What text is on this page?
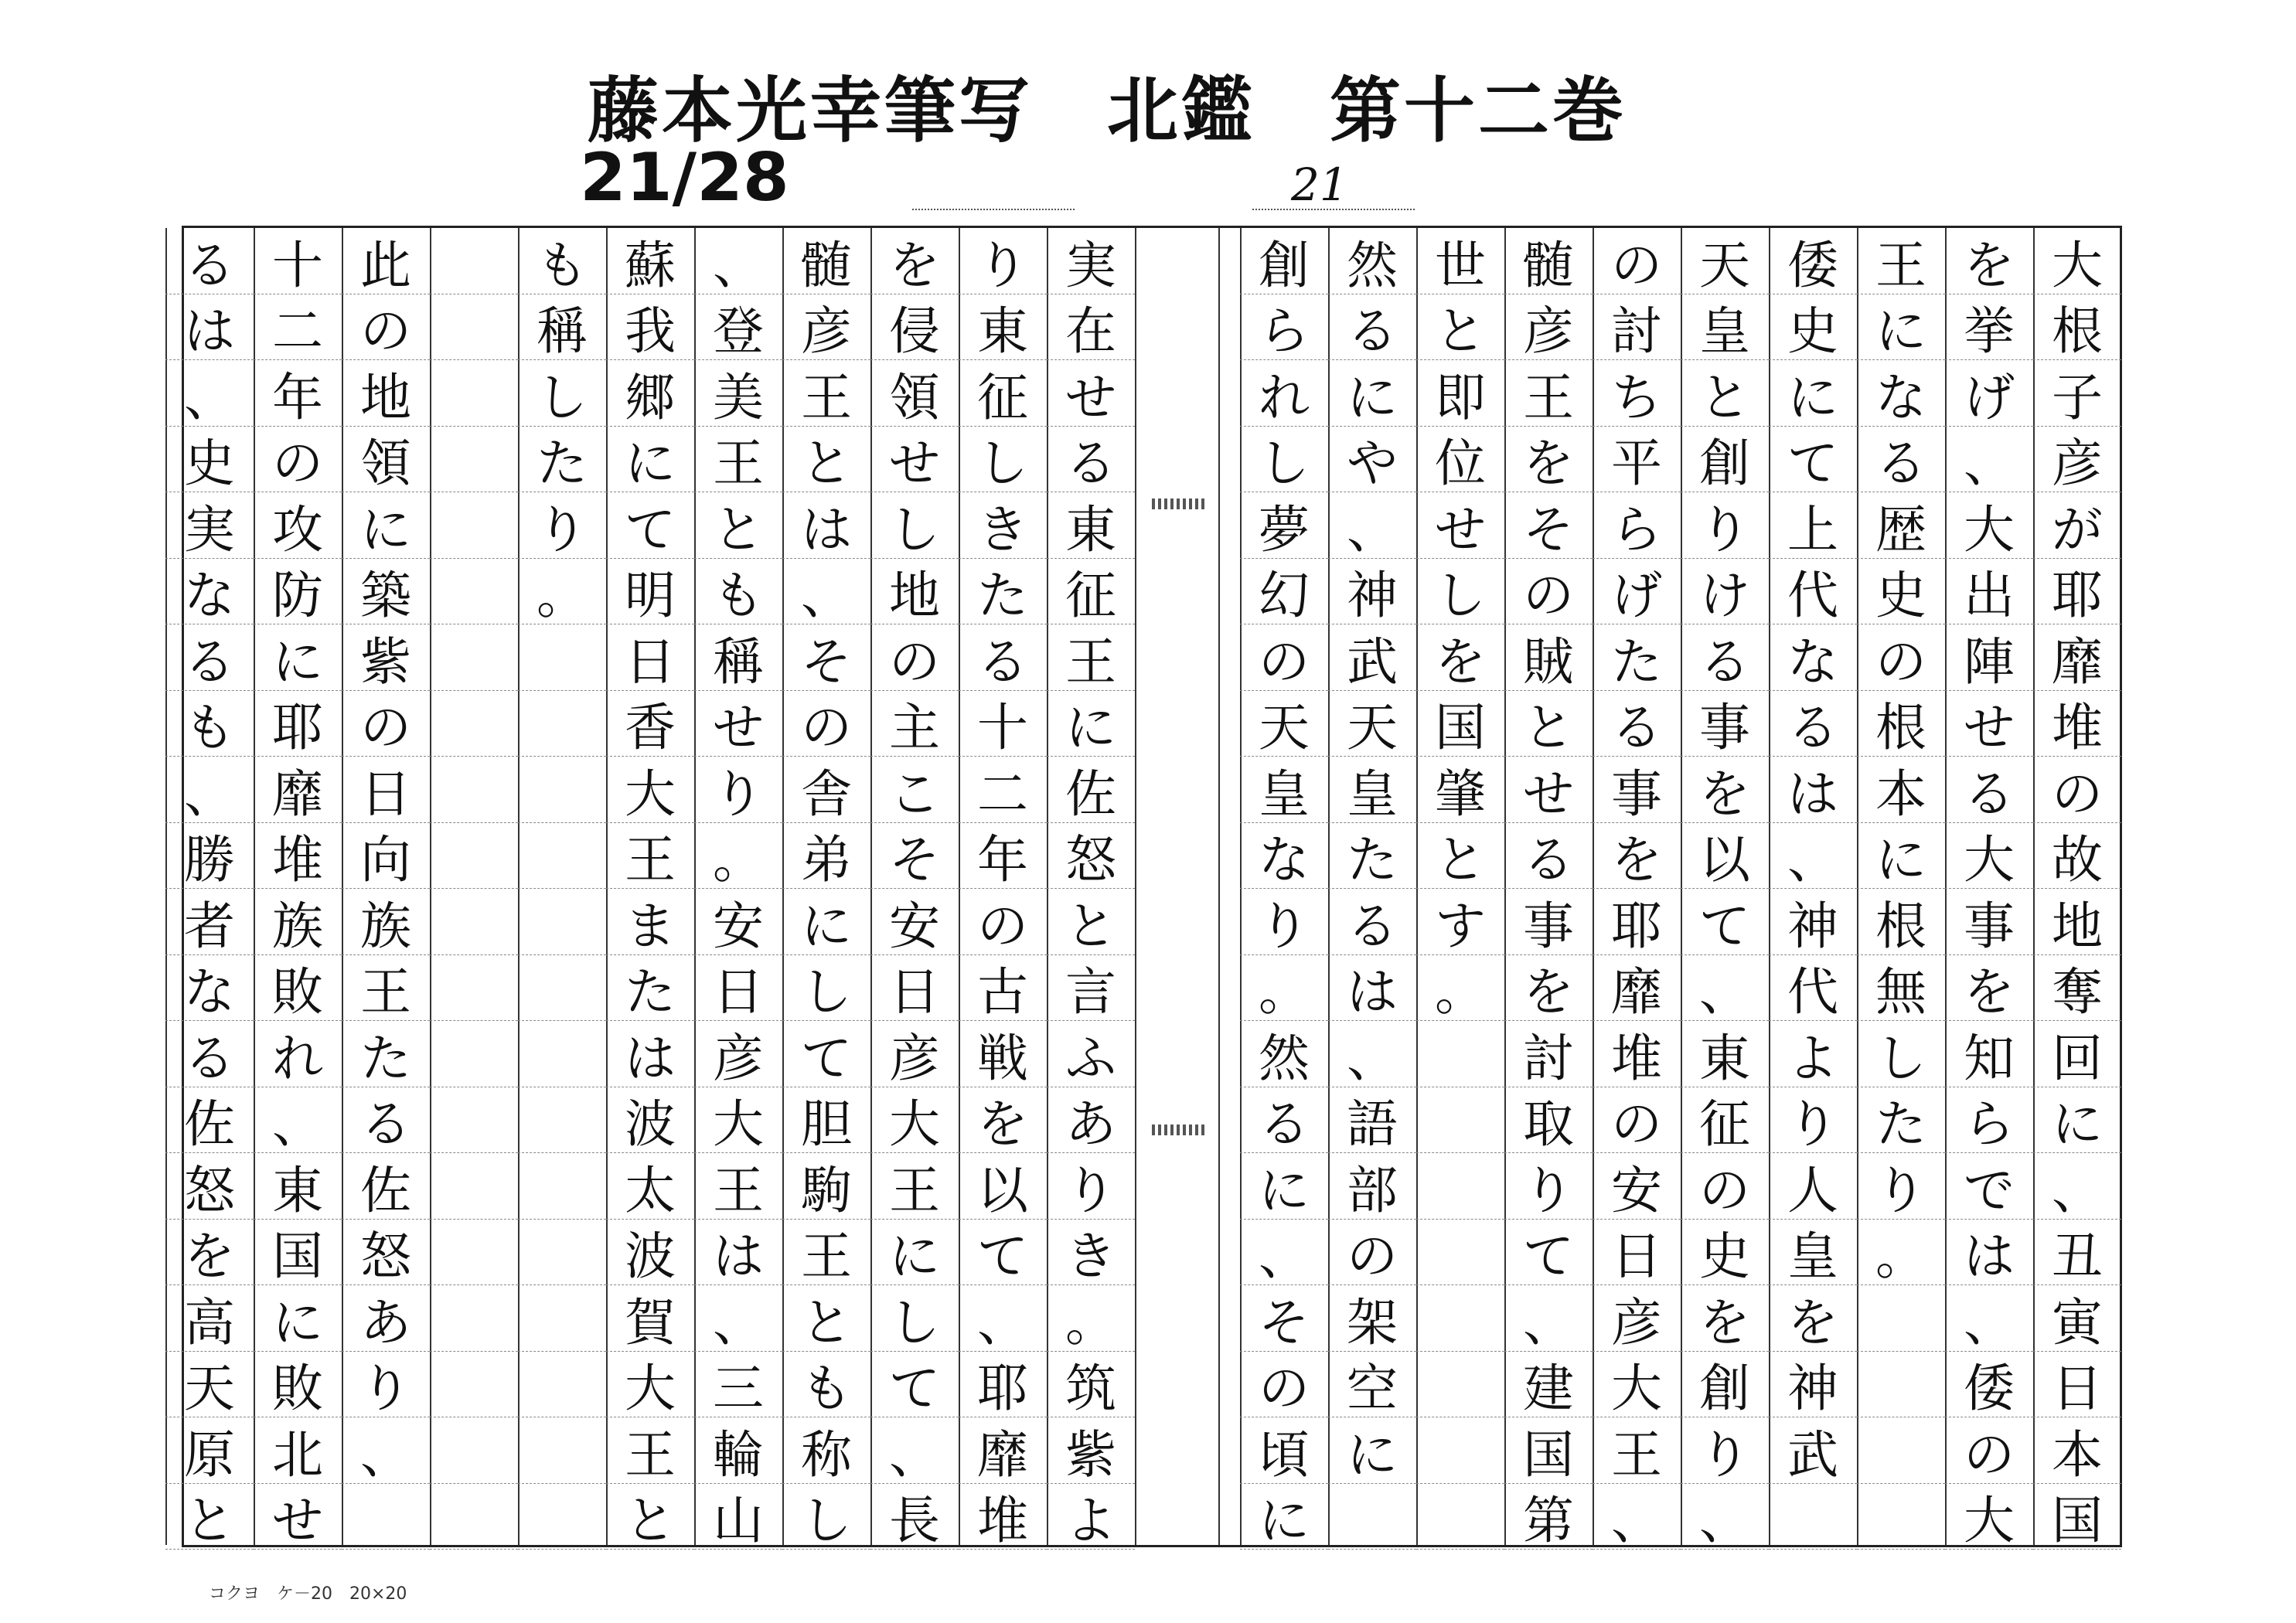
藤本光幸筆写　北鑑　第十二巻
21/28	21
大
根
子
彦
が
耶
靡
堆
の
故
地
奪
回
に
、
丑
寅
日
本
国
を
挙
げ
、
大
出
陣
せ
る
大
事
を
知
ら
で
は
、
倭
の
大
王
に
な
る
歴
史
の
根
本
に
根
無
し
た
り
。
倭
史
に
て
上
代
な
る
は
、
神
代
よ
り
人
皇
を
神
武
天
皇
と
創
り
け
る
事
を
以
て
、
東
征
の
史
を
創
り
、
の
討
ち
平
ら
げ
た
る
事
を
耶
靡
堆
の
安
日
彦
大
王
、
髄
彦
王
を
そ
の
賊
と
せ
る
事
を
討
取
り
て
、
建
国
第
世
と
即
位
せ
し
を
国
肇
と
す
。
然
る
に
や
、
神
武
天
皇
た
る
は
、
語
部
の
架
空
に
創
ら
れ
し
夢
幻
の
天
皇
な
り
。
然
る
に
、
そ
の
頃
に
実
在
せ
る
東
征
王
に
佐
怒
と
言
ふ
あ
り
き
。
筑
紫
よ
り
東
征
し
き
た
る
十
二
年
の
古
戦
を
以
て
、
耶
靡
堆
を
侵
領
せ
し
地
の
主
こ
そ
安
日
彦
大
王
に
し
て
、
長
髄
彦
王
と
は
、
そ
の
舎
弟
に
し
て
胆
駒
王
と
も
称
し
、
登
美
王
と
も
稱
せ
り
。
安
日
彦
大
王
は
、
三
輪
山
蘇
我
郷
に
て
明
日
香
大
王
ま
た
は
波
太
波
賀
大
王
と
も
稱
し
た
り
。
此
の
地
領
に
築
紫
の
日
向
族
王
た
る
佐
怒
あ
り
、
十
二
年
の
攻
防
に
耶
靡
堆
族
敗
れ
、
東
国
に
敗
北
せ
る
は
、
史
実
な
る
も
、
勝
者
な
る
佐
怒
を
高
天
原
と
コクヨ　ケ－20　20×20
